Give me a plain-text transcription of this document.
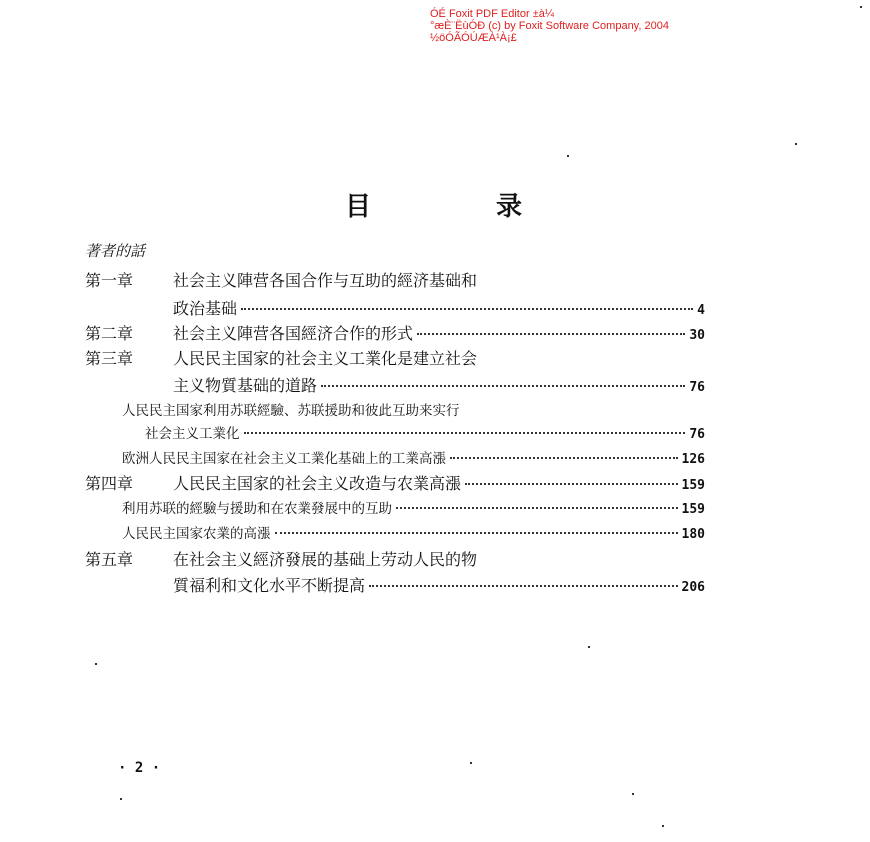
ÓÉ Foxit PDF Editor ±à¼
°æÈ¨ËùÓÐ (c) by Foxit Software Company, 2004
½öÓÃÓÚÆÀ¹À¡£
目 录
著者的話
第一章	社会主义陣营各国合作与互助的經济基础和
政治基础	4
第二章	社会主义陣营各国經济合作的形式	30
第三章	人民民主国家的社会主义工業化是建立社会
主义物質基础的道路	76
人民民主国家利用苏联經驗、苏联援助和彼此互助来实行
社会主义工業化	76
欧洲人民民主国家在社会主义工業化基础上的工業高漲	126
第四章	人民民主国家的社会主义改造与农業高漲	159
利用苏联的經驗与援助和在农業發展中的互助	159
人民民主国家农業的高漲	180
第五章	在社会主义經济發展的基础上劳动人民的物
質福利和文化水平不断提高	206
· 2 ·
